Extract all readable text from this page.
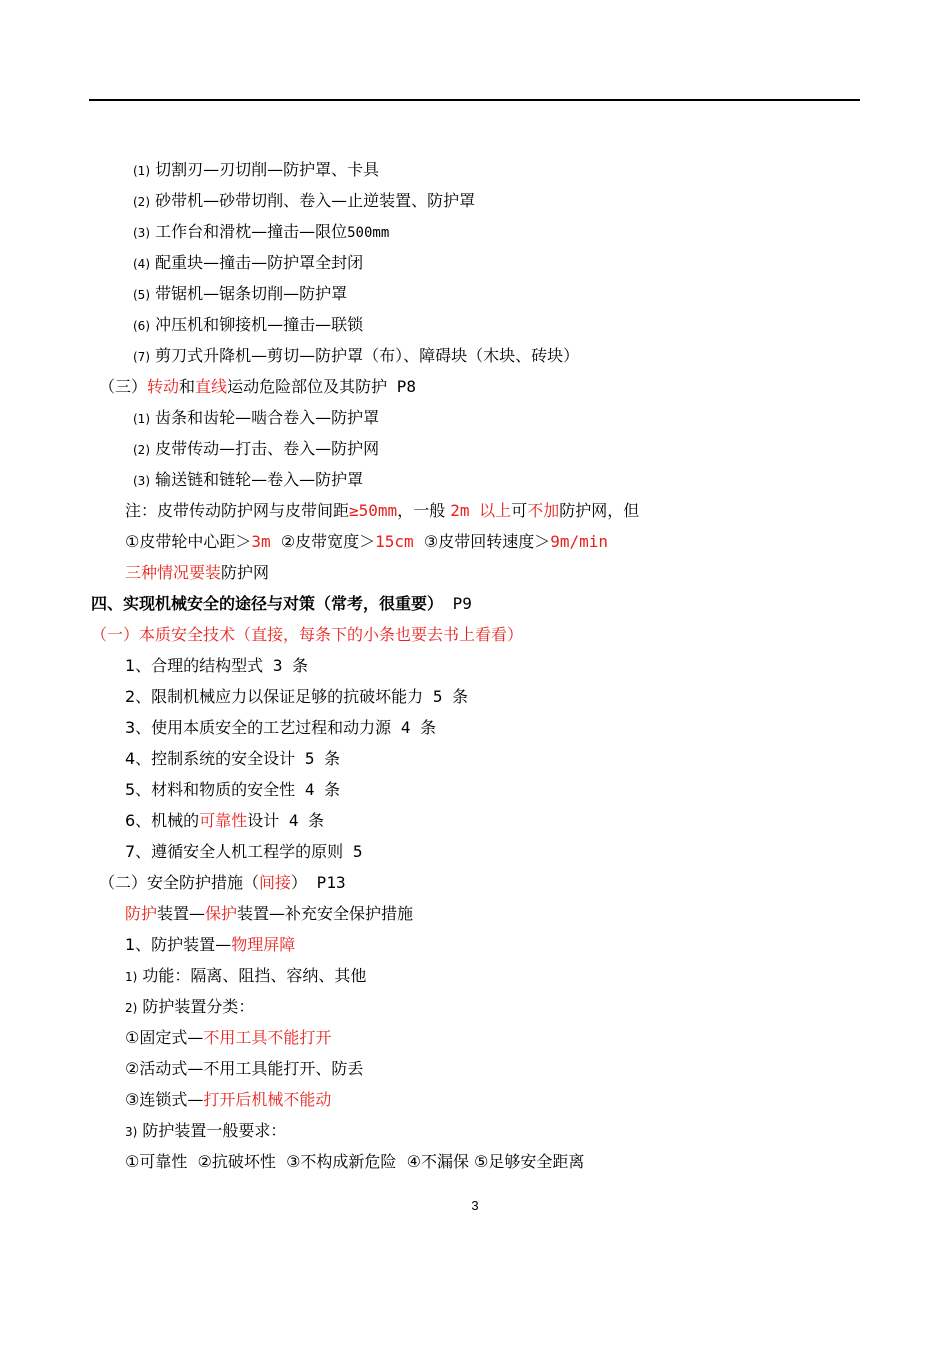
(1) 切割刃—刃切削—防护罩、卡具
(2) 砂带机—砂带切削、卷入—止逆装置、防护罩
(3) 工作台和滑枕—撞击—限位500mm
(4) 配重块—撞击—防护罩全封闭
(5) 带锯机—锯条切削—防护罩
(6) 冲压机和铆接机—撞击—联锁
(7) 剪刀式升降机—剪切—防护罩（布）、障碍块（木块、砖块）
（三）转动和直线运动危险部位及其防护 P8
(1) 齿条和齿轮—啮合卷入—防护罩
(2) 皮带传动—打击、卷入—防护网
(3) 输送链和链轮—卷入—防护罩
注：皮带传动防护网与皮带间距≥50mm，一般 2m 以上可不加防护网，但
①皮带轮中心距＞3m ②皮带宽度＞15cm ③皮带回转速度＞9m/min
三种情况要装防护网
四、实现机械安全的途径与对策（常考，很重要） P9
（一）本质安全技术（直接，每条下的小条也要去书上看看）
1、合理的结构型式 3 条
2、限制机械应力以保证足够的抗破坏能力 5 条
3、使用本质安全的工艺过程和动力源 4 条
4、控制系统的安全设计 5 条
5、材料和物质的安全性 4 条
6、机械的可靠性设计 4 条
7、遵循安全人机工程学的原则 5
（二）安全防护措施（间接） P13
防护装置—保护装置—补充安全保护措施
1、防护装置—物理屏障
1) 功能：隔离、阻挡、容纳、其他
2) 防护装置分类：
①固定式—不用工具不能打开
②活动式—不用工具能打开、防丢
③连锁式—打开后机械不能动
3) 防护装置一般要求：
①可靠性 ②抗破坏性 ③不构成新危险 ④不漏保 ⑤足够安全距离
3
